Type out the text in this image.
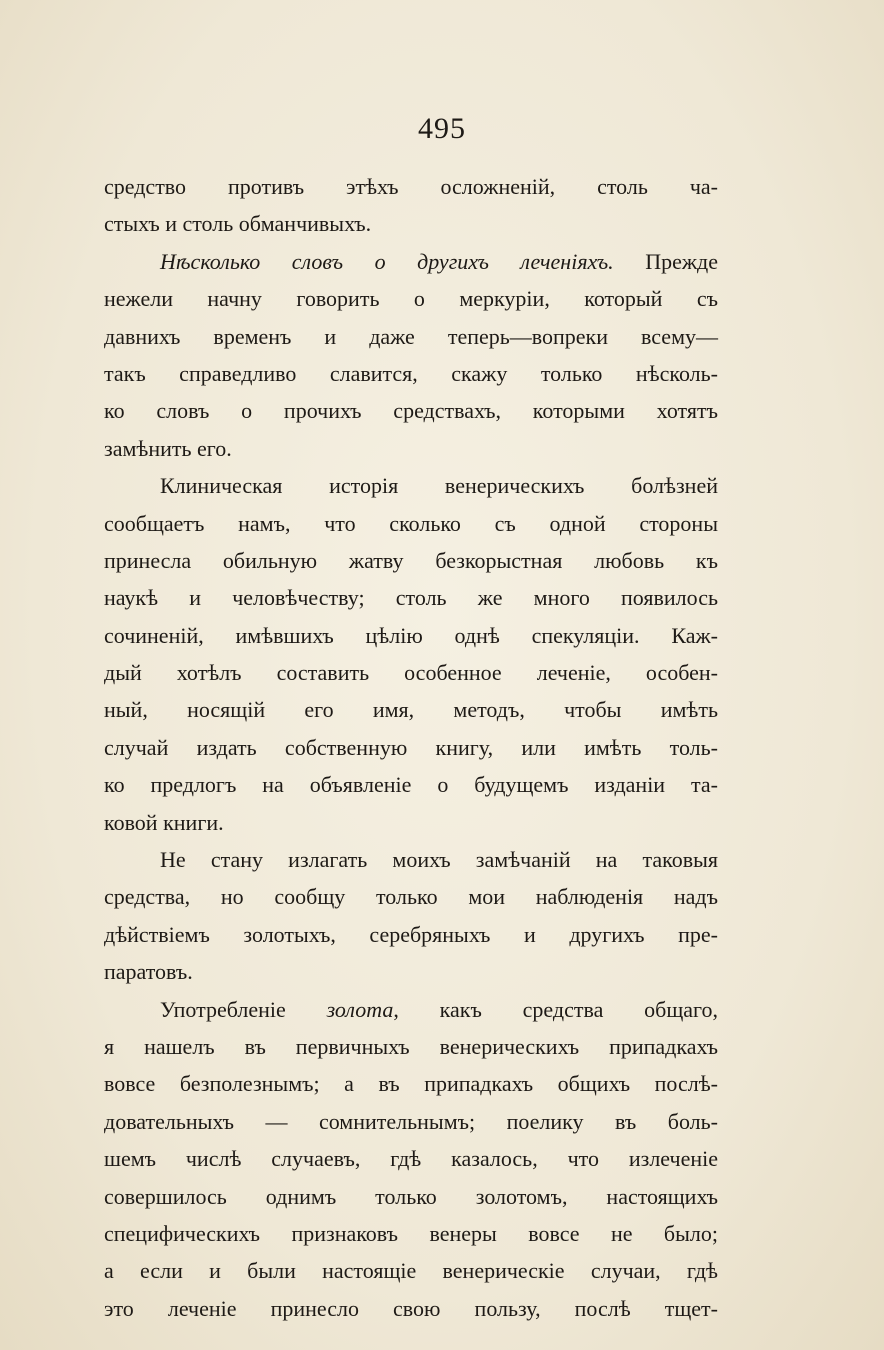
495
средство противъ этѣхъ осложненій, столь ча-
стыхъ и столь обманчивыхъ.
Нѣсколько словъ о другихъ леченіяхъ. Прежде
нежели начну говорить о меркуріи, который съ
давнихъ временъ и даже теперь—вопреки всему—
такъ справедливо славится, скажу только нѣсколь-
ко словъ о прочихъ средствахъ, которыми хотятъ
замѣнить его.
Клиническая исторія венерическихъ болѣзней
сообщаетъ намъ, что сколько съ одной стороны
принесла обильную жатву безкорыстная любовь къ
наукѣ и человѣчеству; столь же много появилось
сочиненій, имѣвшихъ цѣлію однѣ спекуляціи. Каж-
дый хотѣлъ составить особенное леченіе, особен-
ный, носящій его имя, методъ, чтобы имѣть
случай издать собственную книгу, или имѣть толь-
ко предлогъ на объявленіе о будущемъ изданіи та-
ковой книги.
Не стану излагать моихъ замѣчаній на таковыя
средства, но сообщу только мои наблюденія надъ
дѣйствіемъ золотыхъ, серебряныхъ и другихъ пре-
паратовъ.
Употребленіе золота, какъ средства общаго,
я нашелъ въ первичныхъ венерическихъ припадкахъ
вовсе безполезнымъ; а въ припадкахъ общихъ послѣ-
довательныхъ — сомнительнымъ; поелику въ боль-
шемъ числѣ случаевъ, гдѣ казалось, что излеченіе
совершилось однимъ только золотомъ, настоящихъ
специфическихъ признаковъ венеры вовсе не было;
а если и были настоящіе венерическіе случаи, гдѣ
это леченіе принесло свою пользу, послѣ тщет-
